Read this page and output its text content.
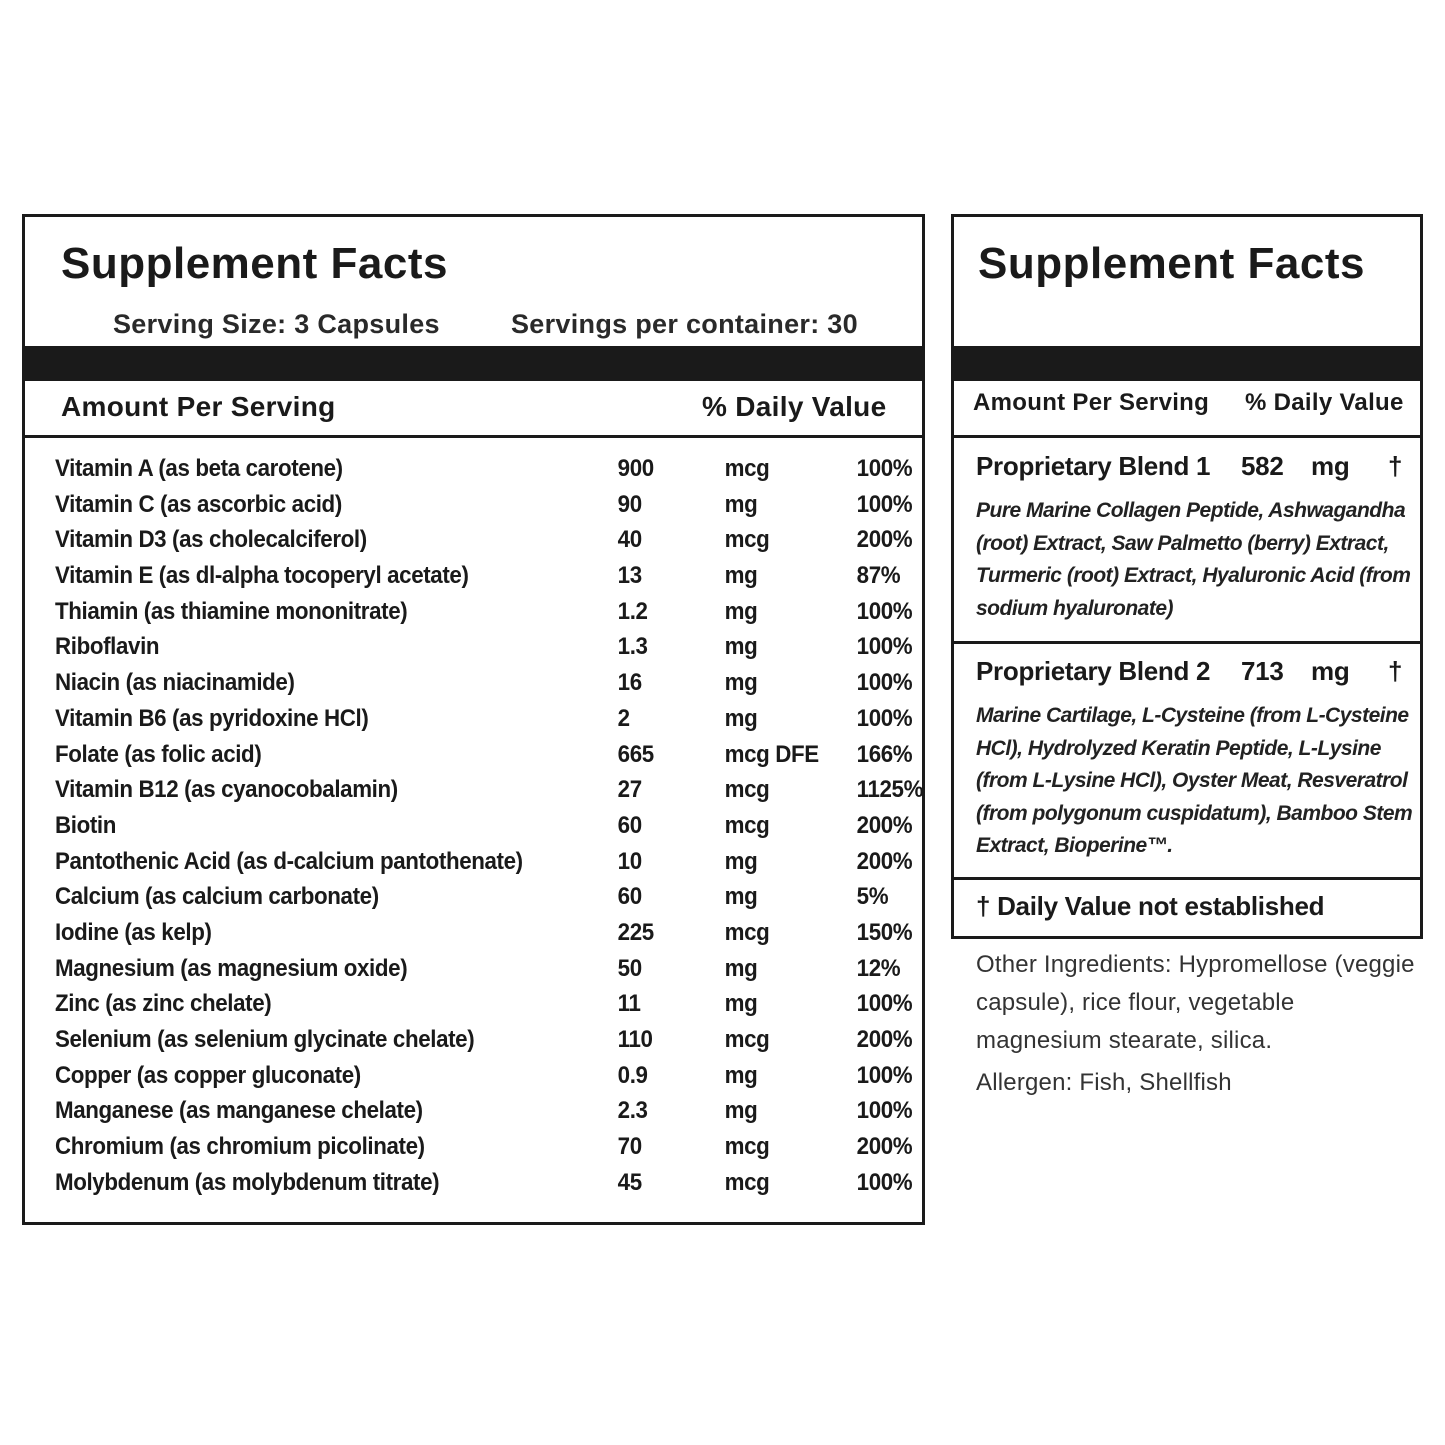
Supplement Facts
Serving Size: 3 Capsules	Servings per container: 30
Amount Per Serving	% Daily Value
Vitamin A (as beta carotene)	900	mcg	100%
Vitamin C (as ascorbic acid)	90	mg	100%
Vitamin D3 (as cholecalciferol)	40	mcg	200%
Vitamin E (as dl-alpha tocoperyl acetate)	13	mg	87%
Thiamin (as thiamine mononitrate)	1.2	mg	100%
Riboflavin	1.3	mg	100%
Niacin (as niacinamide)	16	mg	100%
Vitamin B6 (as pyridoxine HCl)	2	mg	100%
Folate (as folic acid)	665	mcg DFE 166%
Vitamin B12 (as cyanocobalamin)	27	mcg	1125%
Biotin	60	mcg	200%
Pantothenic Acid (as d-calcium pantothenate)	10	mg	200%
Calcium (as calcium carbonate)	60	mg	5%
Iodine (as kelp)	225	mcg	150%
Magnesium (as magnesium oxide)	50	mg	12%
Zinc (as zinc chelate)	11	mg	100%
Selenium (as selenium glycinate chelate)	110	mcg	200%
Copper (as copper gluconate)	0.9	mg	100%
Manganese (as manganese chelate)	2.3	mg	100%
Chromium (as chromium picolinate)	70	mcg	200%
Molybdenum (as molybdenum titrate)	45	mcg	100%
Supplement Facts
Amount Per Serving % Daily Value
Proprietary Blend 1 582 mg †
Pure Marine Collagen Peptide, Ashwagandha (root) Extract, Saw Palmetto (berry) Extract, Turmeric (root) Extract, Hyaluronic Acid (from sodium hyaluronate)
Proprietary Blend 2 713 mg †
Marine Cartilage, L-Cysteine (from L-Cysteine HCl), Hydrolyzed Keratin Peptide, L-Lysine (from L-Lysine HCl), Oyster Meat, Resveratrol (from polygonum cuspidatum), Bamboo Stem Extract, Bioperine™.
† Daily Value not established
Other Ingredients: Hypromellose (veggie capsule), rice flour, vegetable magnesium stearate, silica.
Allergen: Fish, Shellfish
